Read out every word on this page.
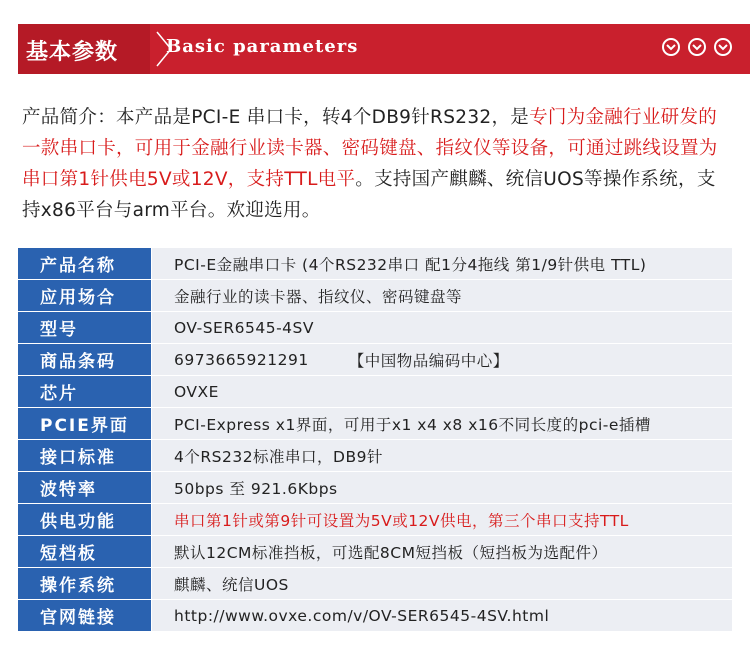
基本参数	Basic parameters
产品简介：本产品是PCI-E 串口卡，转4个DB9针RS232，是专门为金融行业研发的一款串口卡，可用于金融行业读卡器、密码键盘、指纹仪等设备，可通过跳线设置为串口第1针供电5V或12V，支持TTL电平。支持国产麒麟、统信UOS等操作系统，支持x86平台与arm平台。欢迎选用。
产品名称	PCI-E金融串口卡 (4个RS232串口 配1分4拖线 第1/9针供电 TTL)
应用场合	金融行业的读卡器、指纹仪、密码键盘等
型号	OV-SER6545-4SV
商品条码	6973665921291	【中国物品编码中心】
芯片	OVXE
PCIE界面	PCI-Express x1界面，可用于x1 x4 x8 x16不同长度的pci-e插槽
接口标准	4个RS232标准串口，DB9针
波特率	50bps 至 921.6Kbps
供电功能	串口第1针或第9针可设置为5V或12V供电，第三个串口支持TTL
短档板	默认12CM标准挡板，可选配8CM短挡板（短挡板为选配件）
操作系统	麒麟、统信UOS
官网链接	http://www.ovxe.com/v/OV-SER6545-4SV.html
